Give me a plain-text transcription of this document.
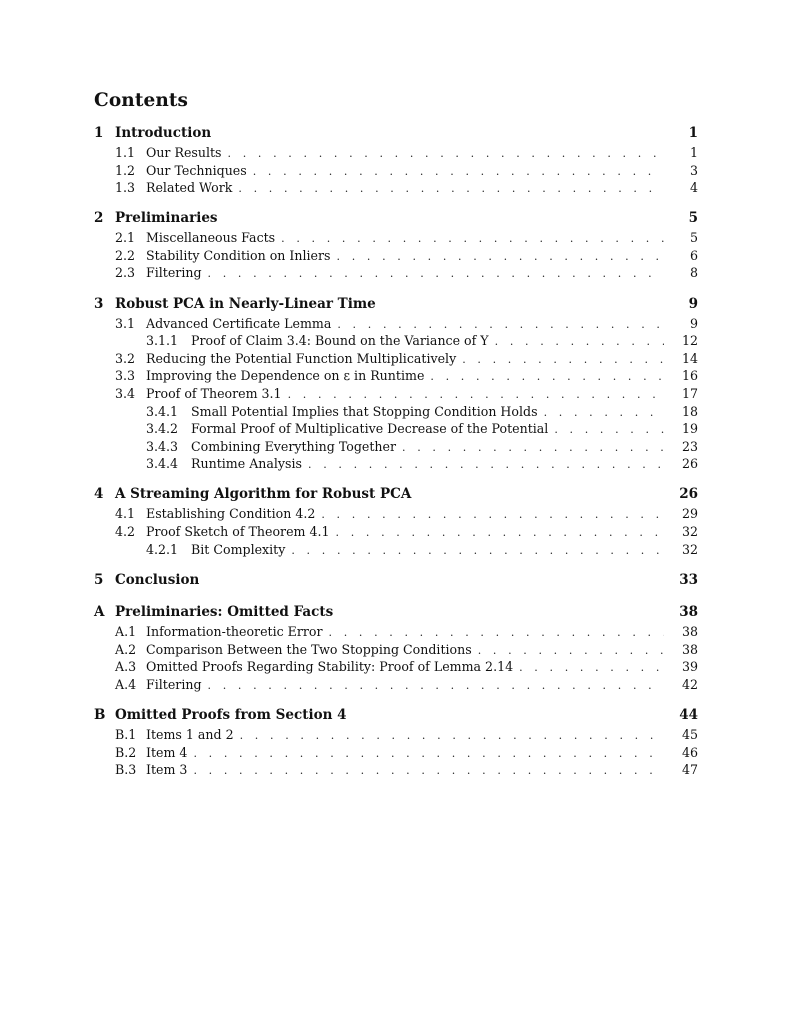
Contents
1 Introduction	1
1.1 Our Results . . .	1
1.2 Our Techniques . . .	3
1.3 Related Work . . .	4
2 Preliminaries	5
2.1 Miscellaneous Facts . . .	5
2.2 Stability Condition on Inliers . . .	6
2.3 Filtering . . .	8
3 Robust PCA in Nearly-Linear Time	9
3.1 Advanced Certificate Lemma . . .	9
3.1.1	Proof of Claim 3.4: Bound on the Variance of Y . . .	12
3.2 Reducing the Potential Function Multiplicatively . . .	14
3.3 Improving the Dependence on ε in Runtime . . .	16
3.4 Proof of Theorem 3.1 . . .	17
3.4.1	Small Potential Implies that Stopping Condition Holds . . .	18
3.4.2	Formal Proof of Multiplicative Decrease of the Potential . . .	19
3.4.3	Combining Everything Together . . .	23
3.4.4	Runtime Analysis . . .	26
4 A Streaming Algorithm for Robust PCA	26
4.1 Establishing Condition 4.2 . . .	29
4.2 Proof Sketch of Theorem 4.1 . . .	32
4.2.1	Bit Complexity . . .	32
5 Conclusion	33
A Preliminaries: Omitted Facts	38
A.1 Information-theoretic Error . . .	38
A.2 Comparison Between the Two Stopping Conditions . . .	38
A.3 Omitted Proofs Regarding Stability: Proof of Lemma 2.14 . . .	39
A.4 Filtering . . .	42
B Omitted Proofs from Section 4	44
B.1 Items 1 and 2 . . .	45
B.2 Item 4 . . .	46
B.3 Item 3 . . .	47
